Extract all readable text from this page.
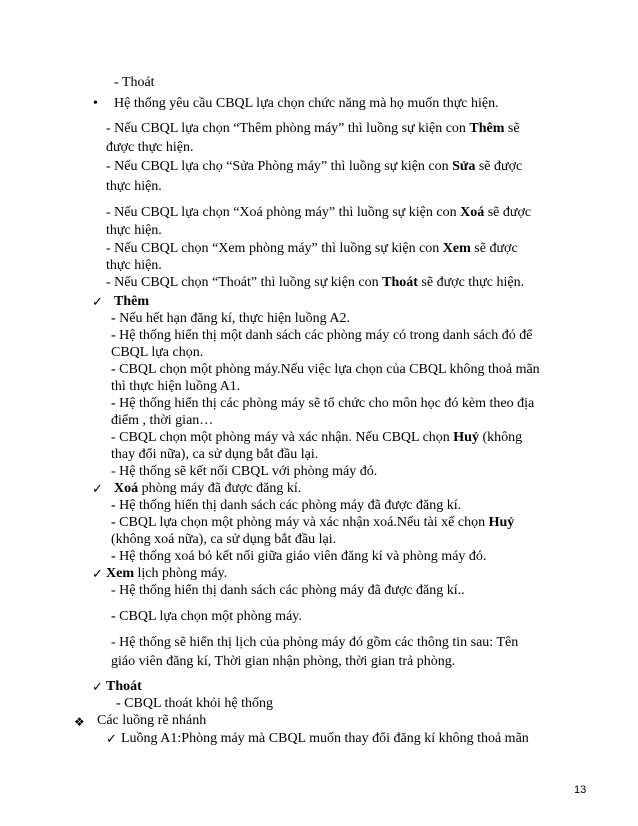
- Thoát
• Hệ thống yêu cầu CBQL lựa chọn chức năng mà họ muốn thực hiện.
- Nếu CBQL lựa chọn “Thêm phòng máy” thì luồng sự kiện con Thêm sẽ
được thực hiện.
- Nếu CBQL lựa chọ “Sửa Phòng máy” thì luồng sự kiện con Sửa sẽ được
thực hiện.
- Nếu CBQL lựa chọn “Xoá phòng máy” thì luồng sự kiện con Xoá sẽ được
thực hiện.
- Nếu CBQL chọn “Xem phòng máy” thì luồng sự kiện con Xem sẽ được
thực hiện.
- Nếu CBQL chọn “Thoát” thì luồng sự kiện con Thoát sẽ được thực hiện.
✓ Thêm
- Nếu hết hạn đăng kí, thực hiện luồng A2.
- Hệ thống hiển thị một danh sách các phòng máy có trong danh sách đó để
CBQL lựa chọn.
- CBQL chọn một phòng máy.Nếu việc lựa chọn của CBQL không thoả mãn
thì thực hiện luồng A1.
- Hệ thống hiển thị các phòng máy sẽ tổ chức cho môn học đó kèm theo địa
điểm , thời gian…
- CBQL chọn một phòng máy và xác nhận. Nếu CBQL chọn Huỷ (không
thay đổi nữa), ca sử dụng bắt đầu lại.
- Hệ thống sẽ kết nối CBQL với phòng máy đó.
✓ Xoá phòng máy đã được đăng kí.
- Hệ thống hiển thị danh sách các phòng máy đã được đăng kí.
- CBQL lựa chọn một phòng máy và xác nhận xoá.Nếu tài xế chọn Huỷ
(không xoá nữa), ca sử dụng bắt đầu lại.
- Hệ thống xoá bỏ kết nối giữa giáo viên đăng kí và phòng máy đó.
✓ Xem lịch phòng máy.
- Hệ thống hiển thị danh sách các phòng máy đã được đăng kí..
- CBQL lựa chọn một phòng máy.
- Hệ thống sẽ hiển thị lịch của phòng máy đó gồm các thông tin sau: Tên
giáo viên đăng kí, Thời gian nhận phòng, thời gian trả phòng.
✓ Thoát
- CBQL thoát khỏi hệ thống
❖ Các luồng rẽ nhánh
✓ Luồng A1:Phòng máy mà CBQL muốn thay đổi đăng kí không thoả mãn
13
